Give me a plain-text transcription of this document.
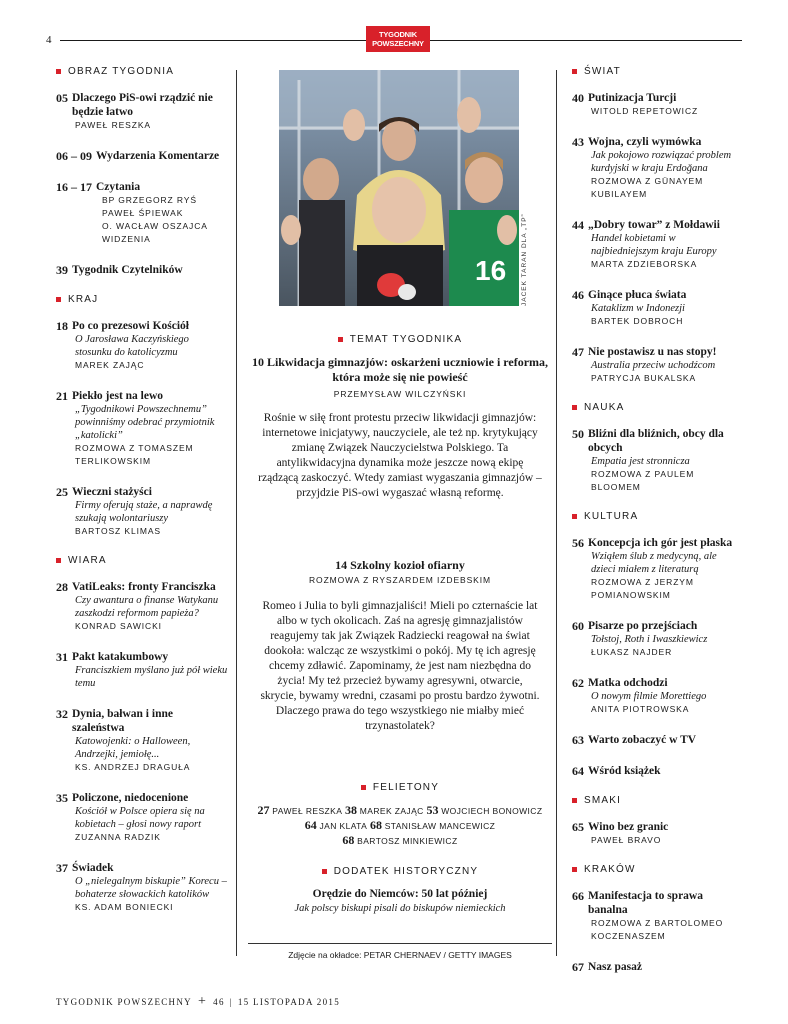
4	TYGODNIK
POWSZECHNY
OBRAZ TYGODNIA
05 Dlaczego PiS-owi rządzić nie będzie łatwo
PAWEŁ RESZKA
06 – 09 Wydarzenia Komentarze
16 – 17 Czytania
BP GRZEGORZ RYŚ
PAWEŁ ŚPIEWAK
O. WACŁAW OSZAJCA
WIDZENIA
39 Tygodnik Czytelników
KRAJ
18 Po co prezesowi Kościół
O Jarosława Kaczyńskiego stosunku do katolicyzmu
MAREK ZAJĄC
21 Piekło jest na lewo
„Tygodnikowi Powszechnemu” powinniśmy odebrać przymiotnik „katolicki”
ROZMOWA Z TOMASZEM TERLIKOWSKIM
25 Wieczni stażyści
Firmy oferują staże, a naprawdę szukają wolontariuszy
BARTOSZ KLIMAS
WIARA
28 VatiLeaks: fronty Franciszka
Czy awantura o finanse Watykanu zaszkodzi reformom papieża?
KONRAD SAWICKI
31 Pakt katakumbowy
Franciszkiem myślano już pół wieku temu
32 Dynia, bałwan i inne szaleństwa
Katowojenki: o Halloween, Andrzejki, jemiołę...
KS. ANDRZEJ DRAGUŁA
35 Policzone, niedocenione
Kościół w Polsce opiera się na kobietach – głosi nowy raport
ZUZANNA RADZIK
37 Świadek
O „nielegalnym biskupie” Korecu – bohaterze słowackich katolików
KS. ADAM BONIECKI
ŚWIAT
40 Putinizacja Turcji
WITOLD REPETOWICZ
43 Wojna, czyli wymówka
Jak pokojowo rozwiązać problem kurdyjski w kraju Erdoğana
ROZMOWA Z GÜNAYEM KUBILAYEM
44 „Dobry towar” z Mołdawii
Handel kobietami w najbiedniejszym kraju Europy
MARTA ZDZIEBORSKA
46 Ginące płuca świata
Kataklizm w Indonezji
BARTEK DOBROCH
47 Nie postawisz u nas stopy!
Australia przeciw uchodźcom
PATRYCJA BUKALSKA
NAUKA
50 Bliźni dla bliźnich, obcy dla obcych
Empatia jest stronnicza
ROZMOWA Z PAULEM BLOOMEM
KULTURA
56 Koncepcja ich gór jest płaska
Wziąłem ślub z medycyną, ale dzieci miałem z literaturą
ROZMOWA Z JERZYM POMIANOWSKIM
60 Pisarze po przejściach
Tołstoj, Roth i Iwaszkiewicz
ŁUKASZ NAJDER
62 Matka odchodzi
O nowym filmie Morettiego
ANITA PIOTROWSKA
63 Warto zobaczyć w TV
64 Wśród książek
SMAKI
65 Wino bez granic
PAWEŁ BRAVO
KRAKÓW
66 Manifestacja to sprawa banalna
ROZMOWA Z BARTOLOMEO KOCZENASZEM
67 Nasz pasaż
16 JACEK TARAN DLA „TP”
TEMAT TYGODNIKA
10 Likwidacja gimnazjów: oskarżeni uczniowie i reforma, która może się nie powieść
PRZEMYSŁAW WILCZYŃSKI
Rośnie w siłę front protestu przeciw likwidacji gimnazjów: internetowe inicjatywy, nauczyciele, ale też np. krytykujący zmianę Związek Nauczycielstwa Polskiego. Ta antylikwidacyjna dynamika może jeszcze nową ekipę rządzącą zaskoczyć. Wtedy zamiast wygaszania gimnazjów – przyjdzie PiS-owi wygaszać własną reformę.
14 Szkolny kozioł ofiarny
ROZMOWA Z RYSZARDEM IZDEBSKIM
Romeo i Julia to byli gimnazjaliści! Mieli po czternaście lat albo w tych okolicach. Zaś na agresję gimnazjalistów reagujemy tak jak Związek Radziecki reagował na świat dookoła: walcząc ze wszystkimi o pokój. My tę ich agresję chcemy zdławić. Zapominamy, że jest nam niezbędna do życia! My też przecież bywamy agresywni, otwarcie, skrycie, bywamy wredni, czasami po prostu bardzo żywotni. Dlaczego prawa do tego wszystkiego nie miałby mieć trzynastolatek?
FELIETONY
27 PAWEŁ RESZKA 38 MAREK ZAJĄC 53 WOJCIECH BONOWICZ
64 JAN KLATA 68 STANISŁAW MANCEWICZ
68 BARTOSZ MINKIEWICZ
DODATEK HISTORYCZNY
Orędzie do Niemców: 50 lat później
Jak polscy biskupi pisali do biskupów niemieckich
Zdjęcie na okładce: PETAR CHERNAEV / GETTY IMAGES
TYGODNIK POWSZECHNY + 46 | 15 LISTOPADA 2015
